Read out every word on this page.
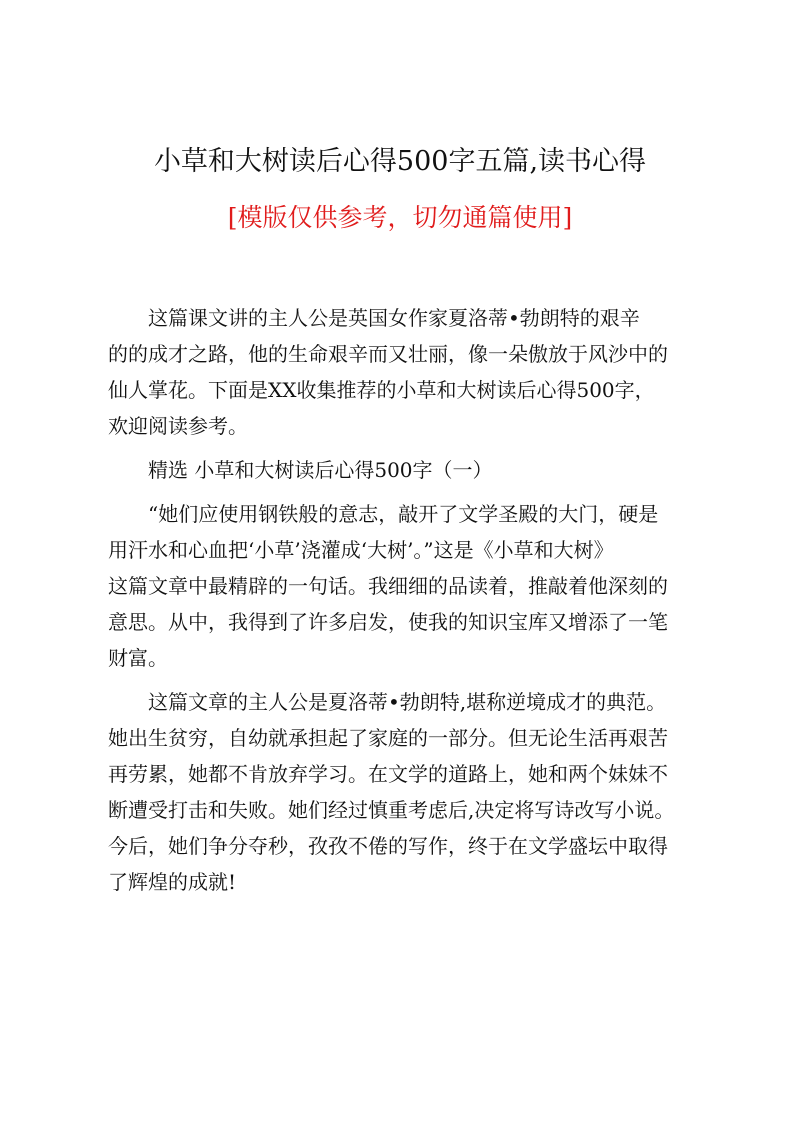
小草和大树读后心得500字五篇,读书心得
[模版仅供参考，切勿通篇使用]
这篇课文讲的主人公是英国女作家夏洛蒂•勃朗特的艰辛
的的成才之路，他的生命艰辛而又壮丽，像一朵傲放于风沙中的
仙人掌花。下面是XX收集推荐的小草和大树读后心得500字，
欢迎阅读参考。
精选 小草和大树读后心得500字（一）
“她们应使用钢铁般的意志，敲开了文学圣殿的大门，硬是
用汗水和心血把‘小草’浇灌成‘大树’。”这是《小草和大树》
这篇文章中最精辟的一句话。我细细的品读着，推敲着他深刻的
意思。从中，我得到了许多启发，使我的知识宝库又增添了一笔
财富。
这篇文章的主人公是夏洛蒂•勃朗特,堪称逆境成才的典范。
她出生贫穷，自幼就承担起了家庭的一部分。但无论生活再艰苦
再劳累，她都不肯放弃学习。在文学的道路上，她和两个妹妹不
断遭受打击和失败。她们经过慎重考虑后,决定将写诗改写小说。
今后，她们争分夺秒，孜孜不倦的写作，终于在文学盛坛中取得
了辉煌的成就!
